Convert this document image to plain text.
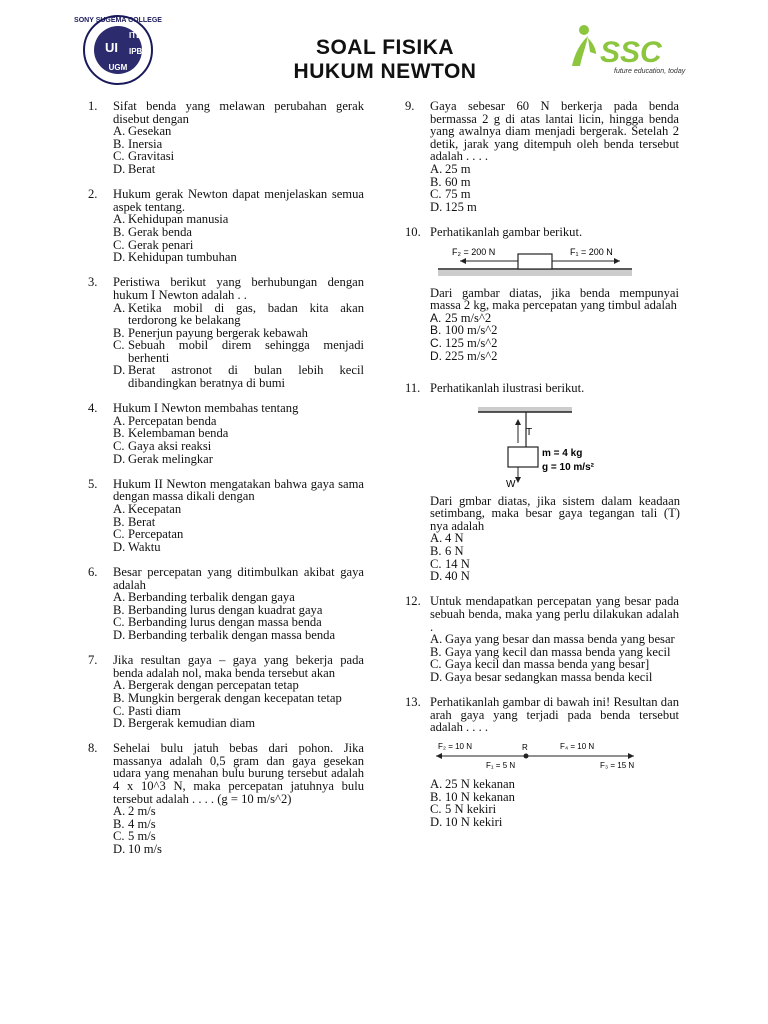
SONY SUGEMA COLLEGE
ITB
UI IPB
UGM
SOAL FISIKA
HUKUM NEWTON
SSC
future education, today
1.	Sifat benda yang melawan perubahan gerak disebut dengan
A. Gesekan
B. Inersia
C. Gravitasi
D. Berat
2.	Hukum gerak Newton dapat menjelaskan semua aspek tentang.
A. Kehidupan manusia
B. Gerak benda
C. Gerak penari
D. Kehidupan tumbuhan
3.	Peristiwa berikut yang berhubungan dengan hukum I Newton adalah . .
A. Ketika mobil di gas, badan kita akan terdorong ke belakang
B. Penerjun payung bergerak kebawah
C. Sebuah mobil direm sehingga menjadi berhenti
D. Berat astronot di bulan lebih kecil dibandingkan beratnya di bumi
4.	Hukum I Newton membahas tentang
A. Percepatan benda
B. Kelembaman benda
C. Gaya aksi reaksi
D. Gerak melingkar
5.	Hukum II Newton mengatakan bahwa gaya sama dengan massa dikali dengan
A. Kecepatan
B. Berat
C. Percepatan
D. Waktu
6.	Besar percepatan yang ditimbulkan akibat gaya adalah
A. Berbanding terbalik dengan gaya
B. Berbanding lurus dengan kuadrat gaya
C. Berbanding lurus dengan massa benda
D. Berbanding terbalik dengan massa benda
7.	Jika resultan gaya – gaya yang bekerja pada benda adalah nol, maka benda tersebut akan
A. Bergerak dengan percepatan tetap
B. Mungkin bergerak dengan kecepatan tetap
C. Pasti diam
D. Bergerak kemudian diam
8.	Sehelai bulu jatuh bebas dari pohon. Jika massanya adalah 0,5 gram dan gaya gesekan udara yang menahan bulu burung tersebut adalah 4 x 10^3 N, maka percepatan jatuhnya bulu tersebut adalah . . . . (g = 10 m/s^2)
A. 2 m/s
B. 4 m/s
C. 5 m/s
D. 10 m/s
9.	Gaya sebesar 60 N berkerja pada benda bermassa 2 g di atas lantai licin, hingga benda yang awalnya diam menjadi bergerak. Setelah 2 detik, jarak yang ditempuh oleh benda tersebut adalah . . . .
A. 25 m
B. 60 m
C. 75 m
D. 125 m
10. Perhatikanlah gambar berikut.
F₂ = 200 N	F₁ = 200 N
Dari gambar diatas, jika benda mempunyai massa 2 kg, maka percepatan yang timbul adalah
A. 25 m/s^2
B. 100 m/s^2
C. 125 m/s^2
D. 225 m/s^2
11. Perhatikanlah ilustrasi berikut.
T
m = 4 kg
g = 10 m/s²
W
Dari gmbar diatas, jika sistem dalam keadaan setimbang, maka besar gaya tegangan tali (T) nya adalah
A. 4 N
B. 6 N
C. 14 N
D. 40 N
12. Untuk mendapatkan percepatan yang besar pada sebuah benda, maka yang perlu dilakukan adalah .
A. Gaya yang besar dan massa benda yang besar
B. Gaya yang kecil dan massa benda yang kecil
C. Gaya kecil dan massa benda yang besar]
D. Gaya besar sedangkan massa benda kecil
13. Perhatikanlah gambar di bawah ini! Resultan dan arah gaya yang terjadi pada benda tersebut adalah . . . .
F₂ = 10 N	F₄ = 10 N
F₁ = 5 N
R
F₃ = 15 N
A. 25 N kekanan
B. 10 N kekanan
C. 5 N kekiri
D. 10 N kekiri
